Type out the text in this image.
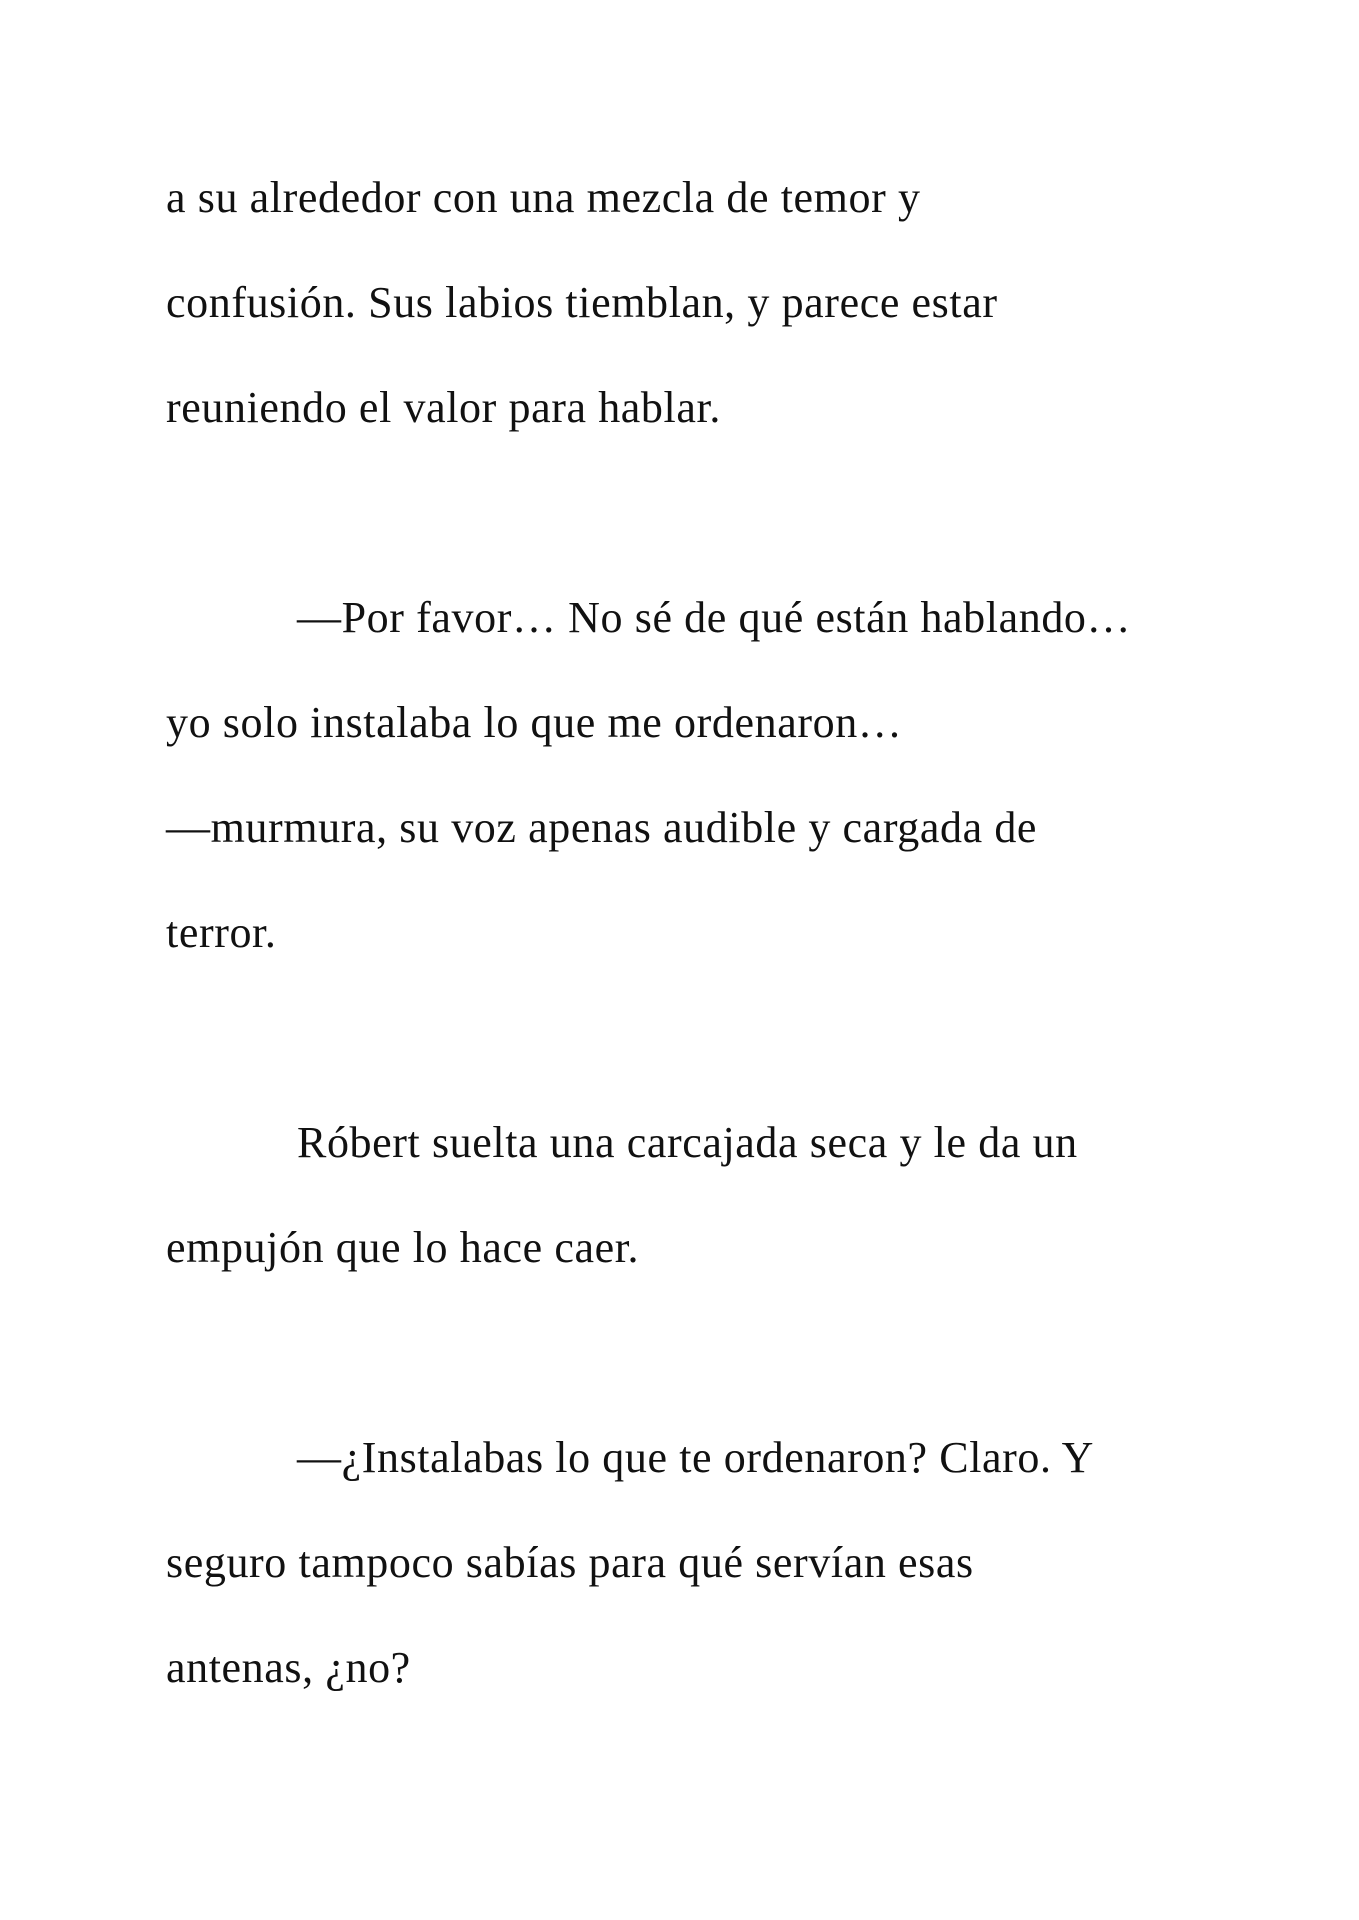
a su alrededor con una mezcla de temor y

confusión. Sus labios tiemblan, y parece estar

reuniendo el valor para hablar.

—Por favor… No sé de qué están hablando…

yo solo instalaba lo que me ordenaron…

—murmura, su voz apenas audible y cargada de

terror.

Róbert suelta una carcajada seca y le da un

empujón que lo hace caer.

—¿Instalabas lo que te ordenaron? Claro. Y

seguro tampoco sabías para qué servían esas

antenas, ¿no?
